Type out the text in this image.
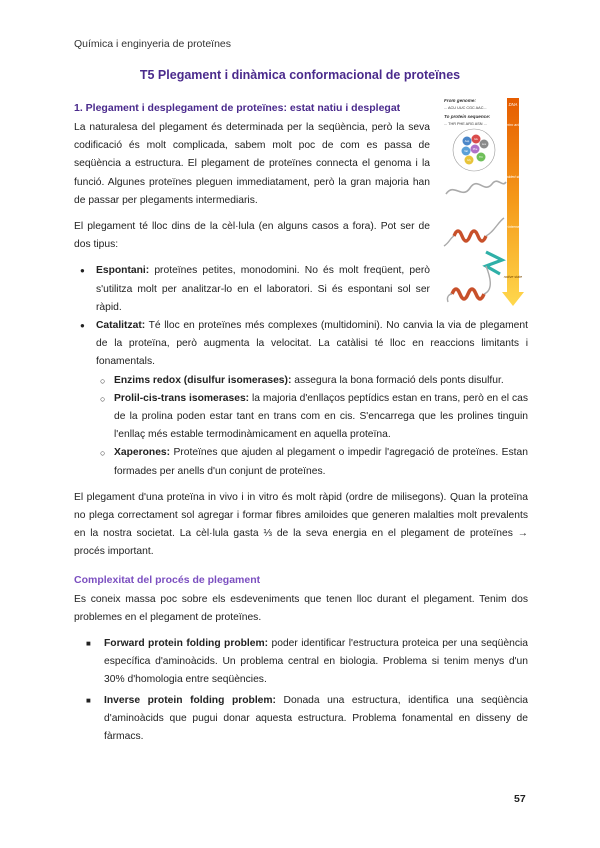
Química i enginyeria de proteïnes
T5 Plegament i dinàmica conformacional de proteïnes
DNA
amino acids
unfolded state
folding intermediates
native state
From genome:
... ACU UUC CGC AAC...
To protein sequence:
... THR PHE ARG ASN ...
Asp
Glu
Leu
Val
Phe
Gly
Thr
1. Plegament i desplegament de proteïnes: estat natiu i desplegat

La naturalesa del plegament és determinada per la seqüència, però la seva codificació és molt complicada, sabem molt poc de com es passa de seqüència a estructura. El plegament de proteïnes connecta el genoma i la funció. Algunes proteïnes pleguen immediatament, però la gran majoria han de passar per plegaments intermediaris.

El plegament té lloc dins de la cèl·lula (en alguns casos a fora). Pot ser de dos tipus:

● Espontani: proteïnes petites, monodomini. No és molt freqüent, però s'utilitza molt per analitzar-lo en el laboratori. Si és espontani sol ser ràpid.
● Catalitzat: Té lloc en proteïnes més complexes (multidomini). No canvia la via de plegament de la proteïna, però augmenta la velocitat. La catàlisi té lloc en reaccions limitants i fonamentals.
○ Enzims redox (disulfur isomerases): assegura la bona formació dels ponts disulfur.
○ Prolil-cis-trans isomerases: la majoria d'enllaços peptídics estan en trans, però en el cas de la prolina poden estar tant en trans com en cis. S'encarrega que les prolines tinguin l'enllaç més estable termodinàmicament en aquella proteïna.
○ Xaperones: Proteïnes que ajuden al plegament o impedir l'agregació de proteïnes. Estan formades per anells d'un conjunt de proteïnes.

El plegament d'una proteïna in vivo i in vitro és molt ràpid (ordre de milisegons). Quan la proteïna no plega correctament sol agregar i formar fibres amiloides que generen malalties molt prevalents en la nostra societat. La cèl·lula gasta ⅓ de la seva energia en el plegament de proteïnes → procés important.

Complexitat del procés de plegament

Es coneix massa poc sobre els esdeveniments que tenen lloc durant el plegament. Tenim dos problemes en el plegament de proteïnes.

■ Forward protein folding problem: poder identificar l'estructura proteica per una seqüència específica d'aminoàcids. Un problema central en biologia. Problema si tenim menys d'un 30% d'homologia entre seqüències.
■ Inverse protein folding problem: Donada una estructura, identifica una seqüència d'aminoàcids que pugui donar aquesta estructura. Problema fonamental en disseny de fàrmacs.
57
